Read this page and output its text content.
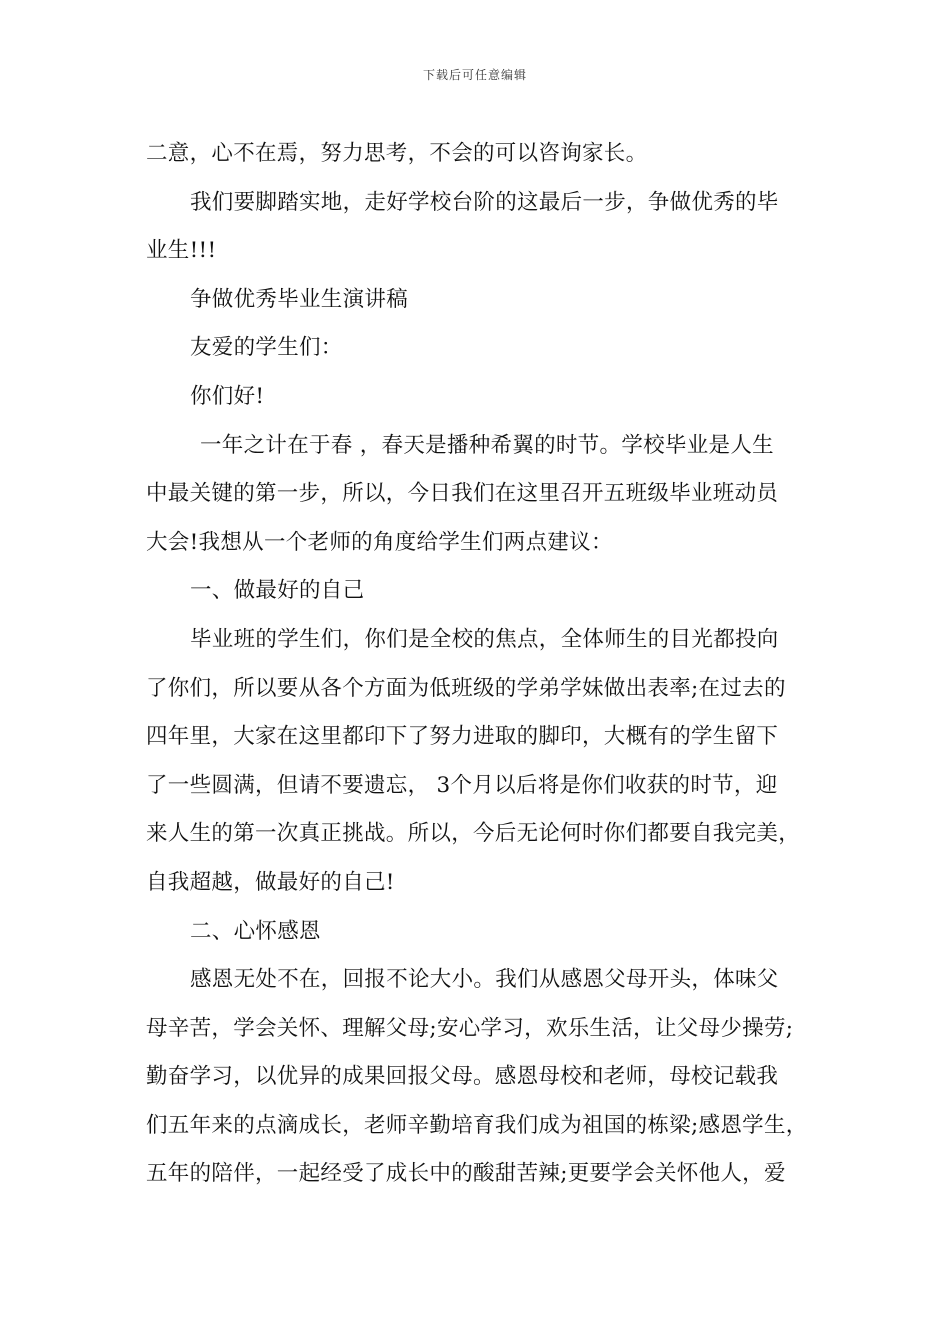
下载后可任意编辑
二意，心不在焉，努力思考，不会的可以咨询家长。
我们要脚踏实地，走好学校台阶的这最后一步，争做优秀的毕
业生!!!
争做优秀毕业生演讲稿
友爱的学生们：
你们好!
一年之计在于春 ，春天是播种希翼的时节。学校毕业是人生
中最关键的第一步，所以，今日我们在这里召开五班级毕业班动员
大会!我想从一个老师的角度给学生们两点建议：
一、做最好的自己
毕业班的学生们，你们是全校的焦点，全体师生的目光都投向
了你们，所以要从各个方面为低班级的学弟学妹做出表率;在过去的
四年里，大家在这里都印下了努力进取的脚印，大概有的学生留下
了一些圆满，但请不要遗忘， 3个月以后将是你们收获的时节，迎
来人生的第一次真正挑战。所以，今后无论何时你们都要自我完美，
自我超越，做最好的自己!
二、心怀感恩
感恩无处不在，回报不论大小。我们从感恩父母开头，体味父
母辛苦，学会关怀、理解父母;安心学习，欢乐生活，让父母少操劳;
勤奋学习，以优异的成果回报父母。感恩母校和老师，母校记载我
们五年来的点滴成长，老师辛勤培育我们成为祖国的栋梁;感恩学生，
五年的陪伴，一起经受了成长中的酸甜苦辣;更要学会关怀他人，爱
